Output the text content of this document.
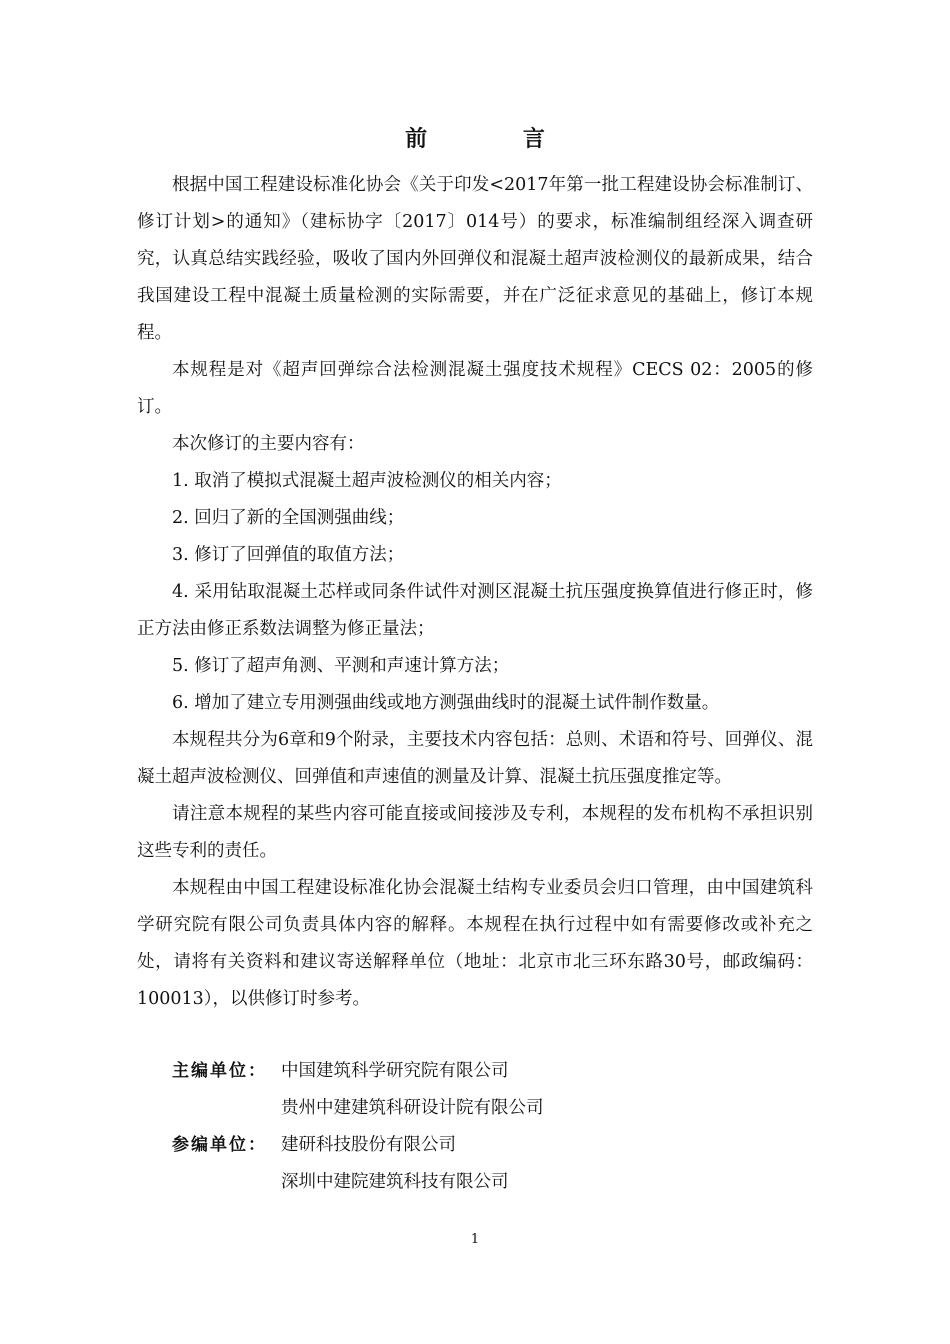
前 言

根据中国工程建设标准化协会《关于印发<2017年第一批工程建设协会标准制订、修订计划>的通知》（建标协字〔2017〕014号）的要求，标准编制组经深入调查研究，认真总结实践经验，吸收了国内外回弹仪和混凝土超声波检测仪的最新成果，结合我国建设工程中混凝土质量检测的实际需要，并在广泛征求意见的基础上，修订本规程。

本规程是对《超声回弹综合法检测混凝土强度技术规程》CECS 02：2005的修订。

本次修订的主要内容有：

1. 取消了模拟式混凝土超声波检测仪的相关内容；

2. 回归了新的全国测强曲线；

3. 修订了回弹值的取值方法；

4. 采用钻取混凝土芯样或同条件试件对测区混凝土抗压强度换算值进行修正时，修正方法由修正系数法调整为修正量法；

5. 修订了超声角测、平测和声速计算方法；

6. 增加了建立专用测强曲线或地方测强曲线时的混凝土试件制作数量。

本规程共分为6章和9个附录，主要技术内容包括：总则、术语和符号、回弹仪、混凝土超声波检测仪、回弹值和声速值的测量及计算、混凝土抗压强度推定等。

请注意本规程的某些内容可能直接或间接涉及专利，本规程的发布机构不承担识别这些专利的责任。

本规程由中国工程建设标准化协会混凝土结构专业委员会归口管理，由中国建筑科学研究院有限公司负责具体内容的解释。本规程在执行过程中如有需要修改或补充之处，请将有关资料和建议寄送解释单位（地址：北京市北三环东路30号，邮政编码：100013），以供修订时参考。

主编单位： 中国建筑科学研究院有限公司
贵州中建建筑科研设计院有限公司
参编单位： 建研科技股份有限公司
深圳中建院建筑科技有限公司
1
